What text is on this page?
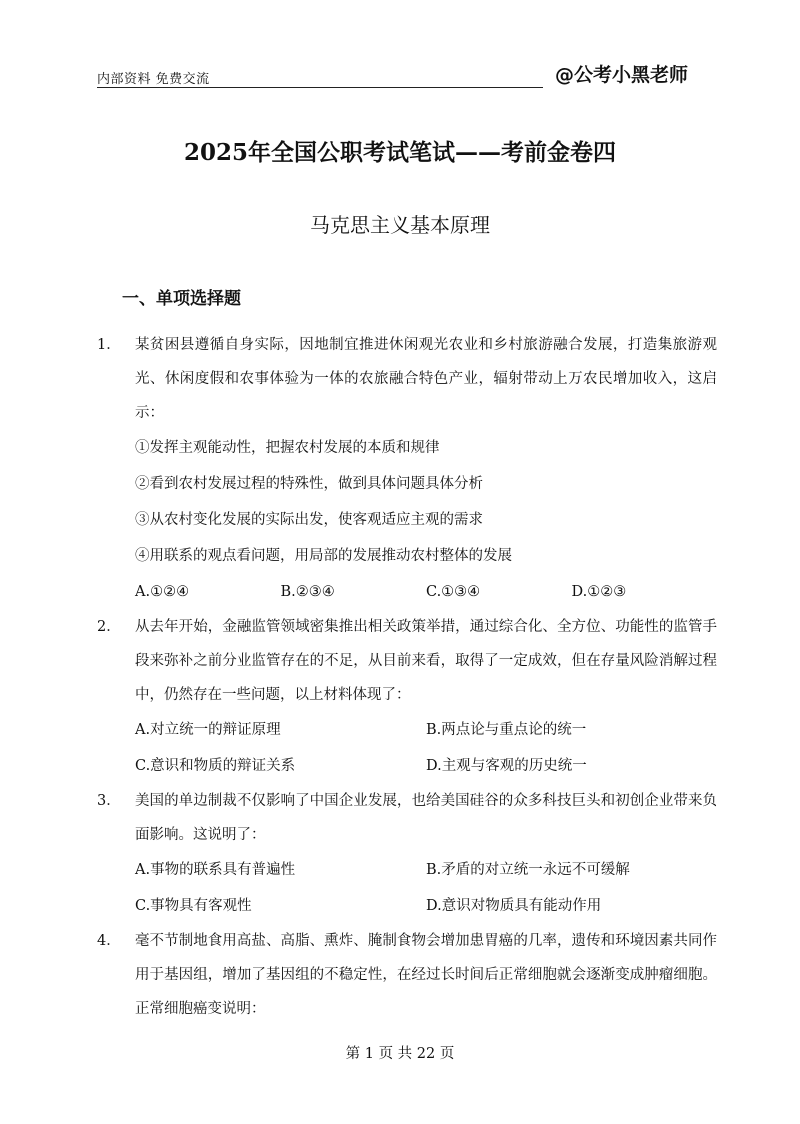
内部资料 免费交流	@公考小黑老师
2025年全国公职考试笔试——考前金卷四
马克思主义基本原理
一、单项选择题
1． 某贫困县遵循自身实际，因地制宜推进休闲观光农业和乡村旅游融合发展，打造集旅游观光、休闲度假和农事体验为一体的农旅融合特色产业，辐射带动上万农民增加收入，这启示：
①发挥主观能动性，把握农村发展的本质和规律
②看到农村发展过程的特殊性，做到具体问题具体分析
③从农村变化发展的实际出发，使客观适应主观的需求
④用联系的观点看问题，用局部的发展推动农村整体的发展
A.①②④	B.②③④	C.①③④	D.①②③
2． 从去年开始，金融监管领域密集推出相关政策举措，通过综合化、全方位、功能性的监管手段来弥补之前分业监管存在的不足，从目前来看，取得了一定成效，但在存量风险消解过程中，仍然存在一些问题，以上材料体现了：
A.对立统一的辩证原理	B.两点论与重点论的统一
C.意识和物质的辩证关系	D.主观与客观的历史统一
3． 美国的单边制裁不仅影响了中国企业发展，也给美国硅谷的众多科技巨头和初创企业带来负面影响。这说明了：
A.事物的联系具有普遍性	B.矛盾的对立统一永远不可缓解
C.事物具有客观性	D.意识对物质具有能动作用
4． 毫不节制地食用高盐、高脂、熏炸、腌制食物会增加患胃癌的几率，遗传和环境因素共同作用于基因组，增加了基因组的不稳定性，在经过长时间后正常细胞就会逐渐变成肿瘤细胞。正常细胞癌变说明：
第 1 页 共 22 页
